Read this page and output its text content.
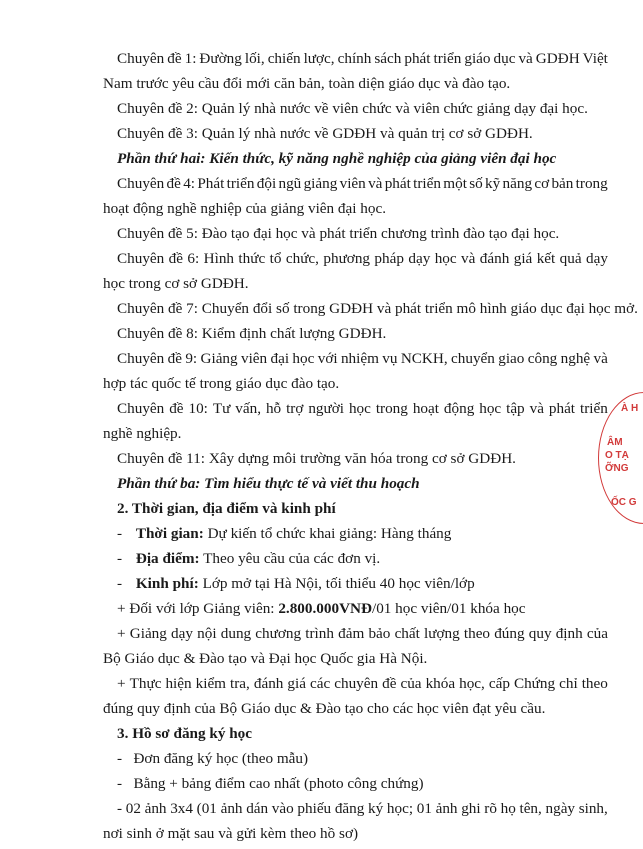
Chuyên đề 1: Đường lối, chiến lược, chính sách phát triển giáo dục và GDĐH Việt
Nam trước yêu cầu đổi mới căn bản, toàn diện giáo dục và đào tạo.
Chuyên đề 2: Quản lý nhà nước về viên chức và viên chức giảng dạy đại học.
Chuyên đề 3: Quản lý nhà nước về GDĐH và quản trị cơ sở GDĐH.
Phần thứ hai: Kiến thức, kỹ năng nghề nghiệp của giảng viên đại học
Chuyên đề 4: Phát triển đội ngũ giảng viên và phát triển một số kỹ năng cơ bản trong
hoạt động nghề nghiệp của giảng viên đại học.
Chuyên đề 5: Đào tạo đại học và phát triển chương trình đào tạo đại học.
Chuyên đề 6: Hình thức tổ chức, phương pháp dạy học và đánh giá kết quả dạy
học trong cơ sở GDĐH.
Chuyên đề 7: Chuyển đổi số trong GDĐH và phát triển mô hình giáo dục đại học mở.
Chuyên đề 8: Kiểm định chất lượng GDĐH.
Chuyên đề 9: Giảng viên đại học với nhiệm vụ NCKH, chuyển giao công nghệ và
hợp tác quốc tế trong giáo dục đào tạo.
Chuyên đề 10: Tư vấn, hỗ trợ người học trong hoạt động học tập và phát triển
nghề nghiệp.
Chuyên đề 11: Xây dựng môi trường văn hóa trong cơ sở GDĐH.
Phần thứ ba: Tìm hiểu thực tế và viết thu hoạch
2. Thời gian, địa điểm và kinh phí
- Thời gian: Dự kiến tổ chức khai giảng: Hàng tháng
- Địa điểm: Theo yêu cầu của các đơn vị.
- Kinh phí: Lớp mở tại Hà Nội, tối thiểu 40 học viên/lớp
+ Đối với lớp Giảng viên: 2.800.000VNĐ/01 học viên/01 khóa học
+ Giảng dạy nội dung chương trình đảm bảo chất lượng theo đúng quy định của
Bộ Giáo dục & Đào tạo và Đại học Quốc gia Hà Nội.
+ Thực hiện kiểm tra, đánh giá các chuyên đề của khóa học, cấp Chứng chỉ theo
đúng quy định của Bộ Giáo dục & Đào tạo cho các học viên đạt yêu cầu.
3. Hồ sơ đăng ký học
-   Đơn đăng ký học (theo mẫu)
-   Bằng + bảng điểm cao nhất (photo công chứng)
- 02 ảnh 3x4 (01 ảnh dán vào phiếu đăng ký học; 01 ảnh ghi rõ họ tên, ngày sinh,
nơi sinh ở mặt sau và gửi kèm theo hồ sơ)
À H
ÂM
O TẠ
ỠNG
ỐC G
